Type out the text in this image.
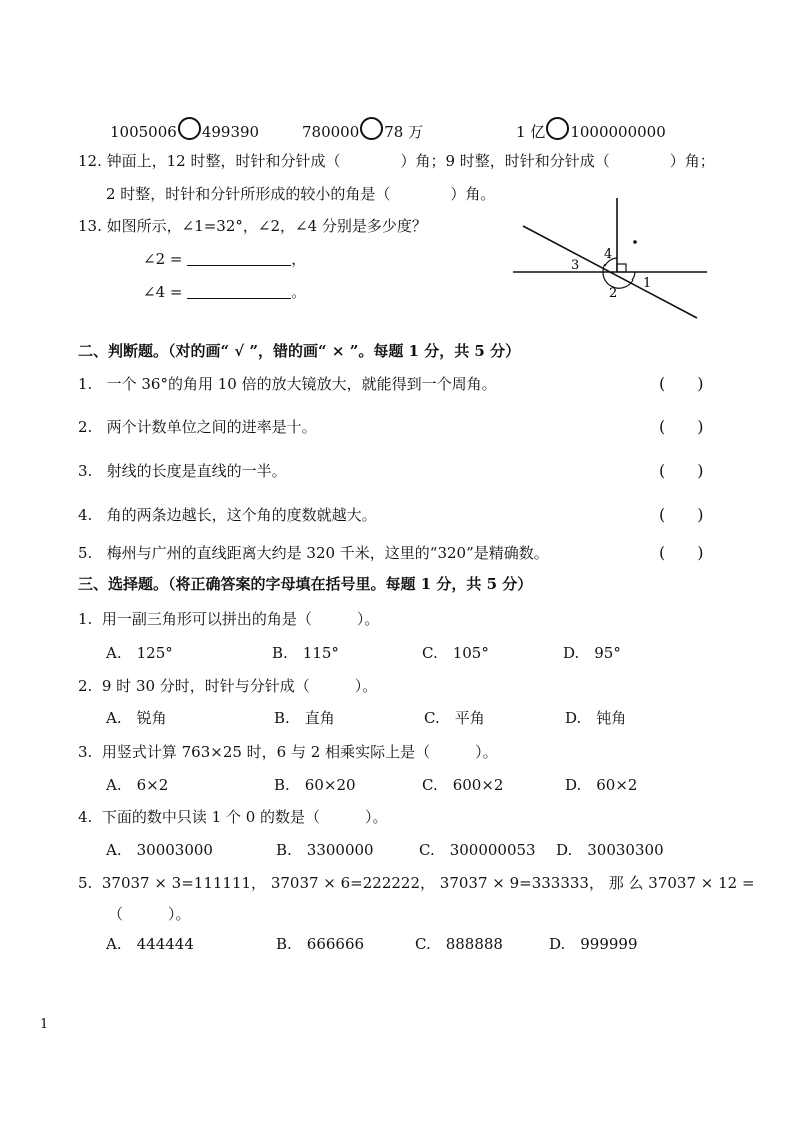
1005006 499390	780000 78 万	1 亿 1000000000
12. 钟面上，12 时整，时针和分针成（　　　　）角；9 时整，时针和分针成（　　　　）角；
2 时整，时针和分针所形成的较小的角是（　　　　）角。
13. 如图所示，∠1=32°，∠2，∠4 分别是多少度？
∠2 =	，
∠4 =	。
4
3
2
1
二、判断题。（对的画“ √ ”，错的画“ × ”。每题 1 分，共 5 分）
1. 一个 36°的角用 10 倍的放大镜放大，就能得到一个周角。	(　　)
2. 两个计数单位之间的进率是十。	(　　)
3. 射线的长度是直线的一半。	(　　)
4. 角的两条边越长，这个角的度数就越大。	(　　)
5. 梅州与广州的直线距离大约是 320 千米，这里的“320”是精确数。	(　　)
三、选择题。（将正确答案的字母填在括号里。每题 1 分，共 5 分）
1. 用一副三角形可以拼出的角是（　　　）。
A.　125°	B.　115°	C.　105°	D.　95°
2. 9 时 30 分时，时针与分针成（　　　）。
A.　锐角	B.　直角	C.　平角	D.　钝角
3. 用竖式计算 763×25 时，6 与 2 相乘实际上是（　　　）。
A.　6×2	B.　60×20	C.　600×2	D.　60×2
4. 下面的数中只读 1 个 0 的数是（　　　）。
A.　30003000	B.　3300000	C.　300000053 D.　30030300
5. 37037 × 3=111111， 37037 × 6=222222， 37037 × 9=333333， 那 么 37037 × 12 =
（　　　）。
A.　444444	B.　666666	C.　888888	D.　999999
1
